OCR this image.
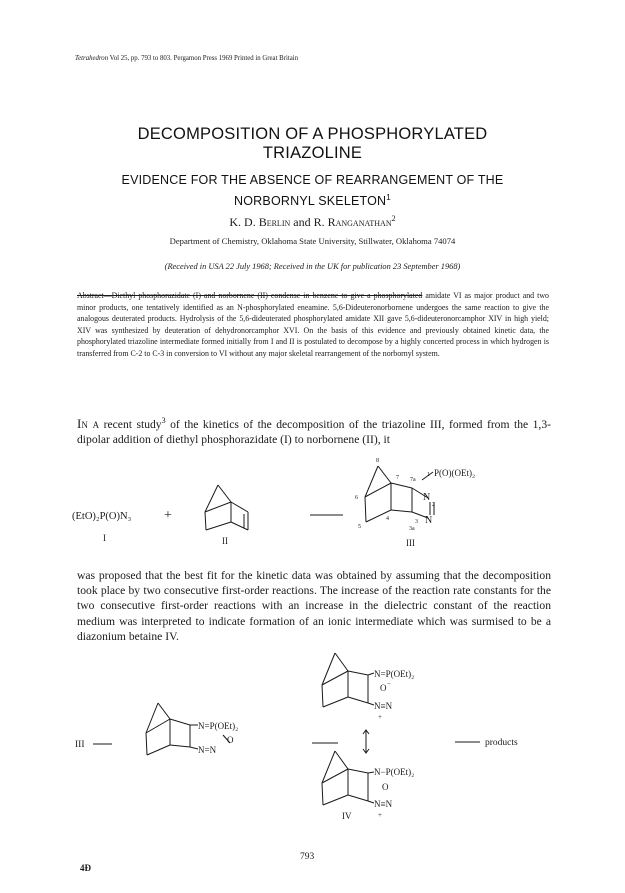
Tetrahedron Vol 25, pp. 793 to 803. Pergamon Press 1969 Printed in Great Britain
DECOMPOSITION OF A PHOSPHORYLATED
TRIAZOLINE
EVIDENCE FOR THE ABSENCE OF REARRANGEMENT OF THE
NORBORNYL SKELETON$^1$
K. D. Berlin and R. Ranganathan$^2$
Department of Chemistry, Oklahoma State University, Stillwater, Oklahoma 74074
(Received in USA 22 July 1968; Received in the UK for publication 23 September 1968)
Abstract—Diethyl phosphorazidate (I) and norbornene (II) condense in benzene to give a phosphorylated amidate VI as major product and two minor products, one tentatively identified as an N-phosphorylated eneamine. 5,6-Dideuteronorbornene undergoes the same reaction to give the analogous deuterated products. Hydrolysis of the 5,6-dideuterated phosphorylated amidate XII gave 5,6-dideuteronorcamphor XIV in high yield; XIV was synthesized by deuteration of dehydronorcamphor XVI. On the basis of this evidence and previously obtained kinetic data, the phosphorylated triazoline intermediate formed initially from I and II is postulated to decompose by a highly concerted process in which hydrogen is transferred from C-2 to C-3 in conversion to VI without any major skeletal rearrangement of the norbornyl system.
In a recent study$^3$ of the kinetics of the decomposition of the triazoline III, formed from the 1,3-dipolar addition of diethyl phosphorazidate (I) to norbornene (II), it
(EtO)₂P(O)N₃ +
I	II
8
7 7a
1 P(O)(OEt)₂
N
2
N
6
5
4	3
3a
III
was proposed that the best fit for the kinetic data was obtained by assuming that the decomposition took place by two consecutive first-order reactions. The increase of the reaction rate constants for the two consecutive first-order reactions with an increase in the dielectric constant of the reaction medium was interpreted to indicate formation of an ionic intermediate which was surmised to be a diazonium betaine IV.
III
N=P(OEt)₂
N=N
O
N=P(OEt)₂
O −
N≡N
+
N−P(OEt)₂
O
N≡N
+
IV
products
793
4Ð
